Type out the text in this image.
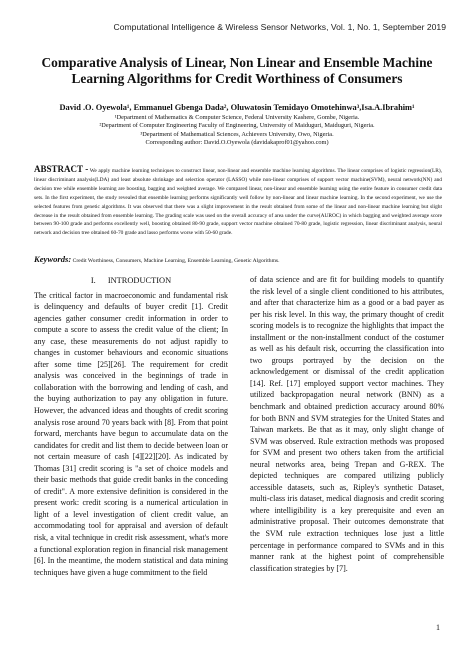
Computational Intelligence & Wireless Sensor Networks, Vol. 1, No. 1, September 2019
Comparative Analysis of Linear, Non Linear and Ensemble Machine Learning Algorithms for Credit Worthiness of Consumers
David .O. Oyewola¹, Emmanuel Gbenga Dada², Oluwatosin Temidayo Omotehinwa³,Isa.A.Ibrahim¹
¹Department of Mathematics & Computer Science, Federal University Kashere, Gombe, Nigeria.
²Department of Computer Engineering Faculty of Engineering, University of Maiduguri, Maiduguri, Nigeria.
³Department of Mathematical Sciences, Achievers University, Owo, Nigeria.
Corresponding author: David.O.Oyewola (davidakaprof01@yahoo.com)
ABSTRACT - We apply machine learning techniques to construct linear, non-linear and ensemble machine learning algorithms. The linear comprises of logistic regression(LR), linear discriminant analysis(LDA) and least absolute shrinkage and selection operator (LASSO) while non-linear comprises of support vector machine(SVM), neural network(NN) and decision tree while ensemble learning are boosting, bagging and weighted average. We compared linear, non-linear and ensemble learning using the entire feature in consumer credit data sets. In the first experiment, the study revealed that ensemble learning performs significantly well follow by non-linear and linear machine learning. In the second experiment, we use the selected features from genetic algorithms. It was observed that there was a slight improvement in the result obtained from some of the linear and non-linear machine learning but slight decrease in the result obtained from ensemble learning. The grading scale was used on the overall accuracy of area under the curve(AUROC) in which bagging and weighted average score between 90-100 grade and performs excellently well, boosting obtained 80-90 grade, support vector machine obtained 70-80 grade, logistic regression, linear discriminant analysis, neural network and decision tree obtained 60-70 grade and lasso performs worse with 50-60 grade.
Keywords: Credit Worthiness, Consumers, Machine Learning, Ensemble Learning, Genetic Algorithms.
I. INTRODUCTION
The critical factor in macroeconomic and fundamental risk is delinquency and defaults of buyer credit [1]. Credit agencies gather consumer credit information in order to compute a score to assess the credit value of the client; In any case, these measurements do not adjust rapidly to changes in customer behaviours and economic situations after some time [25][26]. The requirement for credit analysis was conceived in the beginnings of trade in collaboration with the borrowing and lending of cash, and the buying authorization to pay any obligation in future. However, the advanced ideas and thoughts of credit scoring analysis rose around 70 years back with [8]. From that point forward, merchants have begun to accumulate data on the candidates for credit and list them to decide between loan or not certain measure of cash [4][22][20]. As indicated by Thomas [31] credit scoring is "a set of choice models and their basic methods that guide credit banks in the conceding of credit". A more extensive definition is considered in the present work: credit scoring is a numerical articulation in light of a level investigation of client credit value, an accommodating tool for appraisal and aversion of default risk, a vital technique in credit risk assessment, what's more a functional exploration region in financial risk management [6]. In the meantime, the modern statistical and data mining techniques have given a huge commitment to the field
of data science and are fit for building models to quantify the risk level of a single client conditioned to his attributes, and after that characterize him as a good or a bad payer as per his risk level. In this way, the primary thought of credit scoring models is to recognize the highlights that impact the installment or the non-installment conduct of the costumer as well as his default risk, occurring the classification into two groups portrayed by the decision on the acknowledgement or dismissal of the credit application [14]. Ref. [17] employed support vector machines. They utilized backpropagation neural network (BNN) as a benchmark and obtained prediction accuracy around 80% for both BNN and SVM strategies for the United States and Taiwan markets. Be that as it may, only slight change of SVM was observed. Rule extraction methods was proposed for SVM and present two others taken from the artificial neural networks area, being Trepan and G-REX. The depicted techniques are compared utilizing publicly accessible datasets, such as, Ripley's synthetic Dataset, multi-class iris dataset, medical diagnosis and credit scoring where intelligibility is a key prerequisite and even an administrative proposal. Their outcomes demonstrate that the SVM rule extraction techniques lose just a little percentage in performance compared to SVMs and in this manner rank at the highest point of comprehensible classification strategies by [7].
1
